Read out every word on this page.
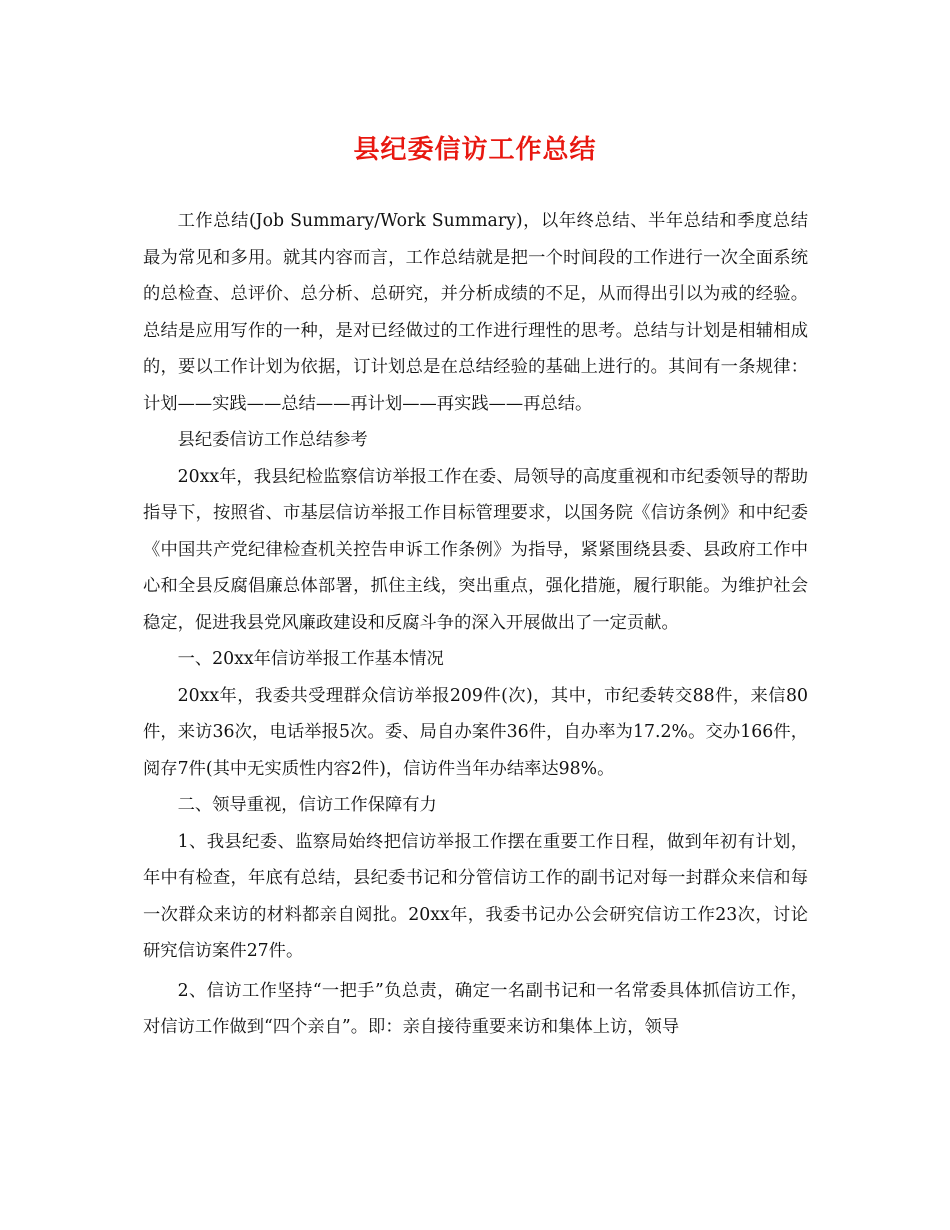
县纪委信访工作总结

工作总结(Job Summary/Work Summary)，以年终总结、半年总结和季度总结最为常见和多用。就其内容而言，工作总结就是把一个时间段的工作进行一次全面系统的总检查、总评价、总分析、总研究，并分析成绩的不足，从而得出引以为戒的经验。总结是应用写作的一种，是对已经做过的工作进行理性的思考。总结与计划是相辅相成的，要以工作计划为依据，订计划总是在总结经验的基础上进行的。其间有一条规律：计划——实践——总结——再计划——再实践——再总结。

县纪委信访工作总结参考

20xx年，我县纪检监察信访举报工作在委、局领导的高度重视和市纪委领导的帮助指导下，按照省、市基层信访举报工作目标管理要求，以国务院《信访条例》和中纪委《中国共产党纪律检查机关控告申诉工作条例》为指导，紧紧围绕县委、县政府工作中心和全县反腐倡廉总体部署，抓住主线，突出重点，强化措施，履行职能。为维护社会稳定，促进我县党风廉政建设和反腐斗争的深入开展做出了一定贡献。

一、20xx年信访举报工作基本情况

20xx年，我委共受理群众信访举报209件(次)，其中，市纪委转交88件，来信80件，来访36次，电话举报5次。委、局自办案件36件，自办率为17.2%。交办166件，阅存7件(其中无实质性内容2件)，信访件当年办结率达98%。

二、领导重视，信访工作保障有力

1、我县纪委、监察局始终把信访举报工作摆在重要工作日程，做到年初有计划，年中有检查，年底有总结，县纪委书记和分管信访工作的副书记对每一封群众来信和每一次群众来访的材料都亲自阅批。20xx年，我委书记办公会研究信访工作23次，讨论研究信访案件27件。

2、信访工作坚持“一把手”负总责，确定一名副书记和一名常委具体抓信访工作，对信访工作做到“四个亲自”。即：亲自接待重要来访和集体上访，领导
